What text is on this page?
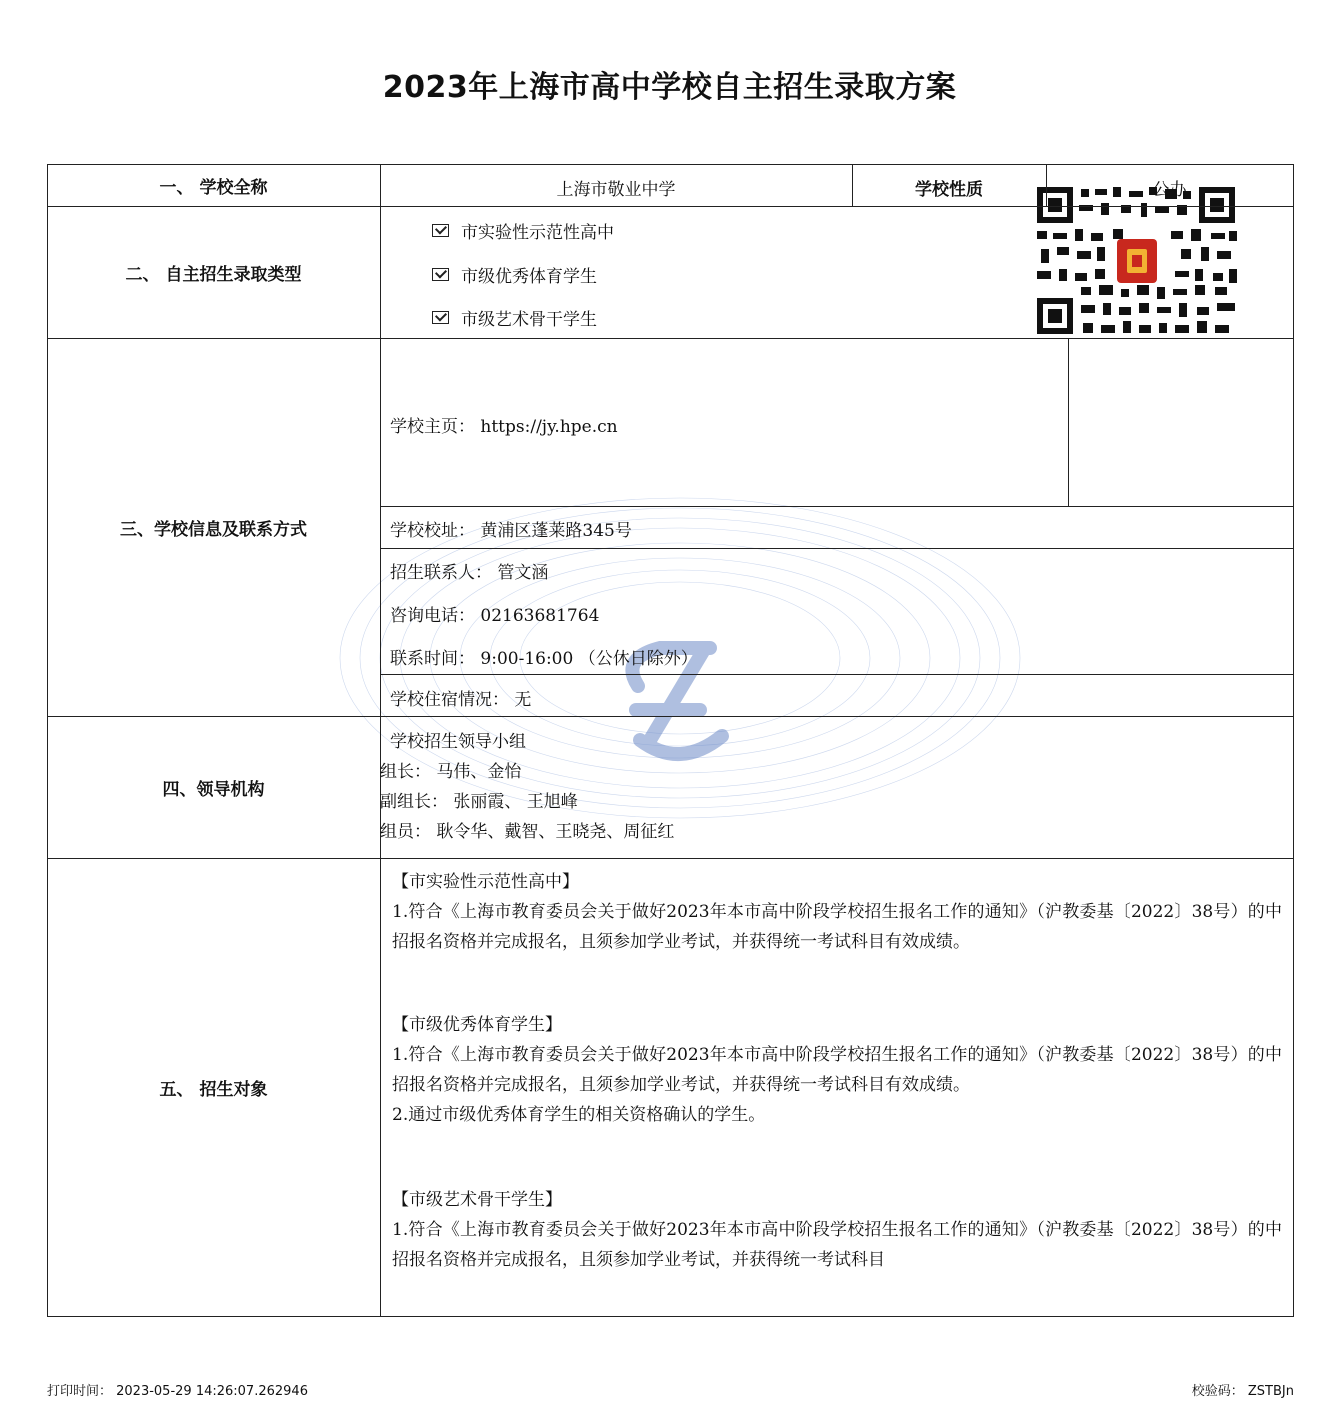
2023年上海市高中学校自主招生录取方案
一、 学校全称	上海市敬业中学	学校性质	公办
二、 自主招生录取类型
市实验性示范性高中
市级优秀体育学生
市级艺术骨干学生
三、学校信息及联系方式
学校主页： https://jy.hpe.cn
学校校址： 黄浦区蓬莱路345号
招生联系人： 管文涵
咨询电话： 02163681764
联系时间： 9:00-16:00 （公休日除外）
学校住宿情况： 无
四、领导机构
学校招生领导小组
组长： 马伟、金怡
副组长： 张丽霞、 王旭峰
组员： 耿令华、戴智、王晓尧、周征红
五、 招生对象

【市实验性示范性高中】

1.符合《上海市教育委员会关于做好2023年本市高中阶段学校招生报名工作的通知》（沪教委基〔2022〕38号）的中招报名资格并完成报名，且须参加学业考试，并获得统一考试科目有效成绩。

【市级优秀体育学生】

1.符合《上海市教育委员会关于做好2023年本市高中阶段学校招生报名工作的通知》（沪教委基〔2022〕38号）的中招报名资格并完成报名，且须参加学业考试，并获得统一考试科目有效成绩。

2.通过市级优秀体育学生的相关资格确认的学生。

【市级艺术骨干学生】

1.符合《上海市教育委员会关于做好2023年本市高中阶段学校招生报名工作的通知》（沪教委基〔2022〕38号）的中招报名资格并完成报名，且须参加学业考试，并获得统一考试科目

打印时间： 2023-05-29 14:26:07.262946	校验码： ZSTBJn
